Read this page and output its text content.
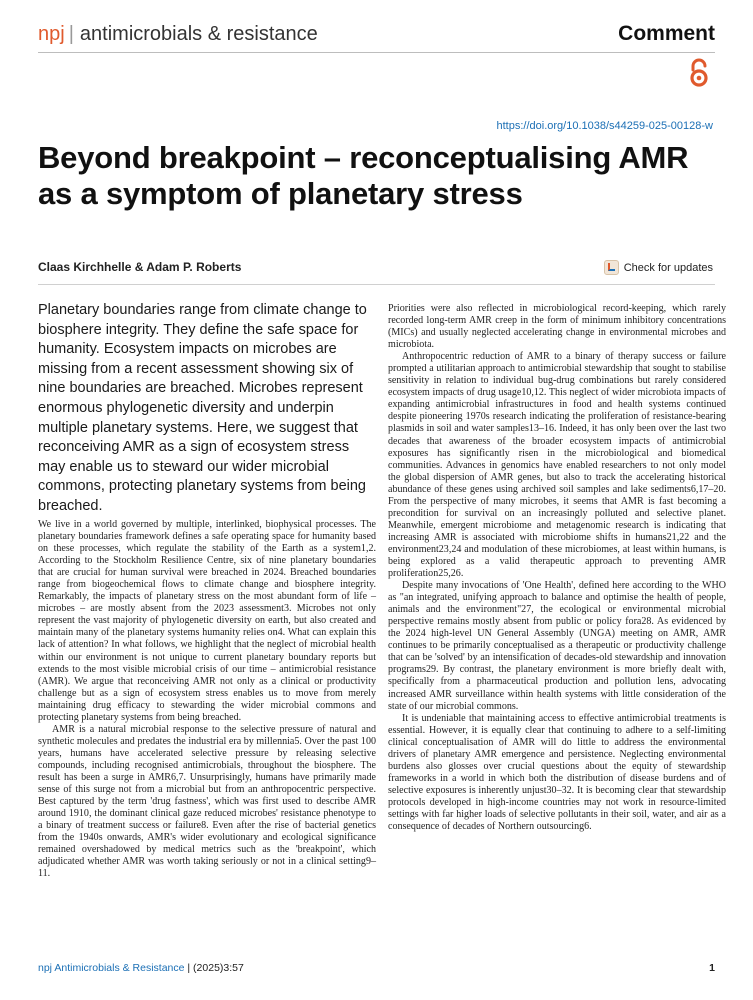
npj | antimicrobials & resistance	Comment
https://doi.org/10.1038/s44259-025-00128-w
Beyond breakpoint – reconceptualising AMR as a symptom of planetary stress
Claas Kirchhelle & Adam P. Roberts	Check for updates

Planetary boundaries range from climate change to biosphere integrity. They define the safe space for humanity. Ecosystem impacts on microbes are missing from a recent assessment showing six of nine boundaries are breached. Microbes represent enormous phylogenetic diversity and underpin multiple planetary systems. Here, we suggest that reconceiving AMR as a sign of ecosystem stress may enable us to steward our wider microbial commons, protecting planetary systems from being breached.

We live in a world governed by multiple, interlinked, biophysical processes. The planetary boundaries framework defines a safe operating space for humanity based on these processes, which regulate the stability of the Earth as a system1,2. According to the Stockholm Resilience Centre, six of nine planetary boundaries that are crucial for human survival were breached in 2024. Breached boundaries range from biogeochemical flows to climate change and biosphere integrity. Remarkably, the impacts of planetary stress on the most abundant form of life – microbes – are mostly absent from the 2023 assessment3. Microbes not only represent the vast majority of phylogenetic diversity on earth, but also created and maintain many of the planetary systems humanity relies on4. What can explain this lack of attention? In what follows, we highlight that the neglect of microbial health within our environment is not unique to current planetary boundary reports but extends to the most visible microbial crisis of our time – antimicrobial resistance (AMR). We argue that reconceiving AMR not only as a clinical or productivity challenge but as a sign of ecosystem stress enables us to move from merely maintaining drug efficacy to stewarding the wider microbial commons and protecting planetary systems from being breached.

AMR is a natural microbial response to the selective pressure of natural and synthetic molecules and predates the industrial era by millennia5. Over the past 100 years, humans have accelerated selective pressure by releasing selective compounds, including recognised antimicrobials, throughout the biosphere. The result has been a surge in AMR6,7. Unsurprisingly, humans have primarily made sense of this surge not from a microbial but from an anthropocentric perspective. Best captured by the term 'drug fastness', which was first used to describe AMR around 1910, the dominant clinical gaze reduced microbes' resistance phenotype to a binary of treatment success or failure8. Even after the rise of bacterial genetics from the 1940s onwards, AMR's wider evolutionary and ecological significance remained overshadowed by medical metrics such as the 'breakpoint', which adjudicated whether AMR was worth taking seriously or not in a clinical setting9–11.

Priorities were also reflected in microbiological record-keeping, which rarely recorded long-term AMR creep in the form of minimum inhibitory concentrations (MICs) and usually neglected accelerating change in environmental microbes and microbiota.

Anthropocentric reduction of AMR to a binary of therapy success or failure prompted a utilitarian approach to antimicrobial stewardship that sought to stabilise sensitivity in relation to individual bug-drug combinations but rarely considered ecosystem impacts of drug usage10,12. This neglect of wider microbiota impacts of expanding antimicrobial infrastructures in food and health systems continued despite pioneering 1970s research indicating the proliferation of resistance-bearing plasmids in soil and water samples13–16. Indeed, it has only been over the last two decades that awareness of the broader ecosystem impacts of antimicrobial exposures has significantly risen in the microbiological and biomedical communities. Advances in genomics have enabled researchers to not only model the global dispersion of AMR genes, but also to track the accelerating historical abundance of these genes using archived soil samples and lake sediments6,17–20. From the perspective of many microbes, it seems that AMR is fast becoming a precondition for survival on an increasingly polluted and selective planet. Meanwhile, emergent microbiome and metagenomic research is indicating that increasing AMR is associated with microbiome shifts in humans21,22 and the environment23,24 and modulation of these microbiomes, at least within humans, is being explored as a valid therapeutic approach to preventing AMR proliferation25,26.

Despite many invocations of 'One Health', defined here according to the WHO as "an integrated, unifying approach to balance and optimise the health of people, animals and the environment"27, the ecological or environmental microbial perspective remains mostly absent from public or policy fora28. As evidenced by the 2024 high-level UN General Assembly (UNGA) meeting on AMR, AMR continues to be primarily conceptualised as a therapeutic or productivity challenge that can be 'solved' by an intensification of decades-old stewardship and innovation programs29. By contrast, the planetary environment is more briefly dealt with, specifically from a pharmaceutical production and pollution lens, advocating increased AMR surveillance within health systems with little consideration of the state of our microbial commons.

It is undeniable that maintaining access to effective antimicrobial treatments is essential. However, it is equally clear that continuing to adhere to a self-limiting clinical conceptualisation of AMR will do little to address the environmental drivers of planetary AMR emergence and persistence. Neglecting environmental burdens also glosses over crucial questions about the equity of stewardship frameworks in a world in which both the distribution of disease burdens and of selective exposures is inherently unjust30–32. It is becoming clear that stewardship protocols developed in high-income countries may not work in resource-limited settings with far higher loads of selective pollutants in their soil, water, and air as a consequence of decades of Northern outsourcing6.

npj Antimicrobials & Resistance | (2025)3:57	1
